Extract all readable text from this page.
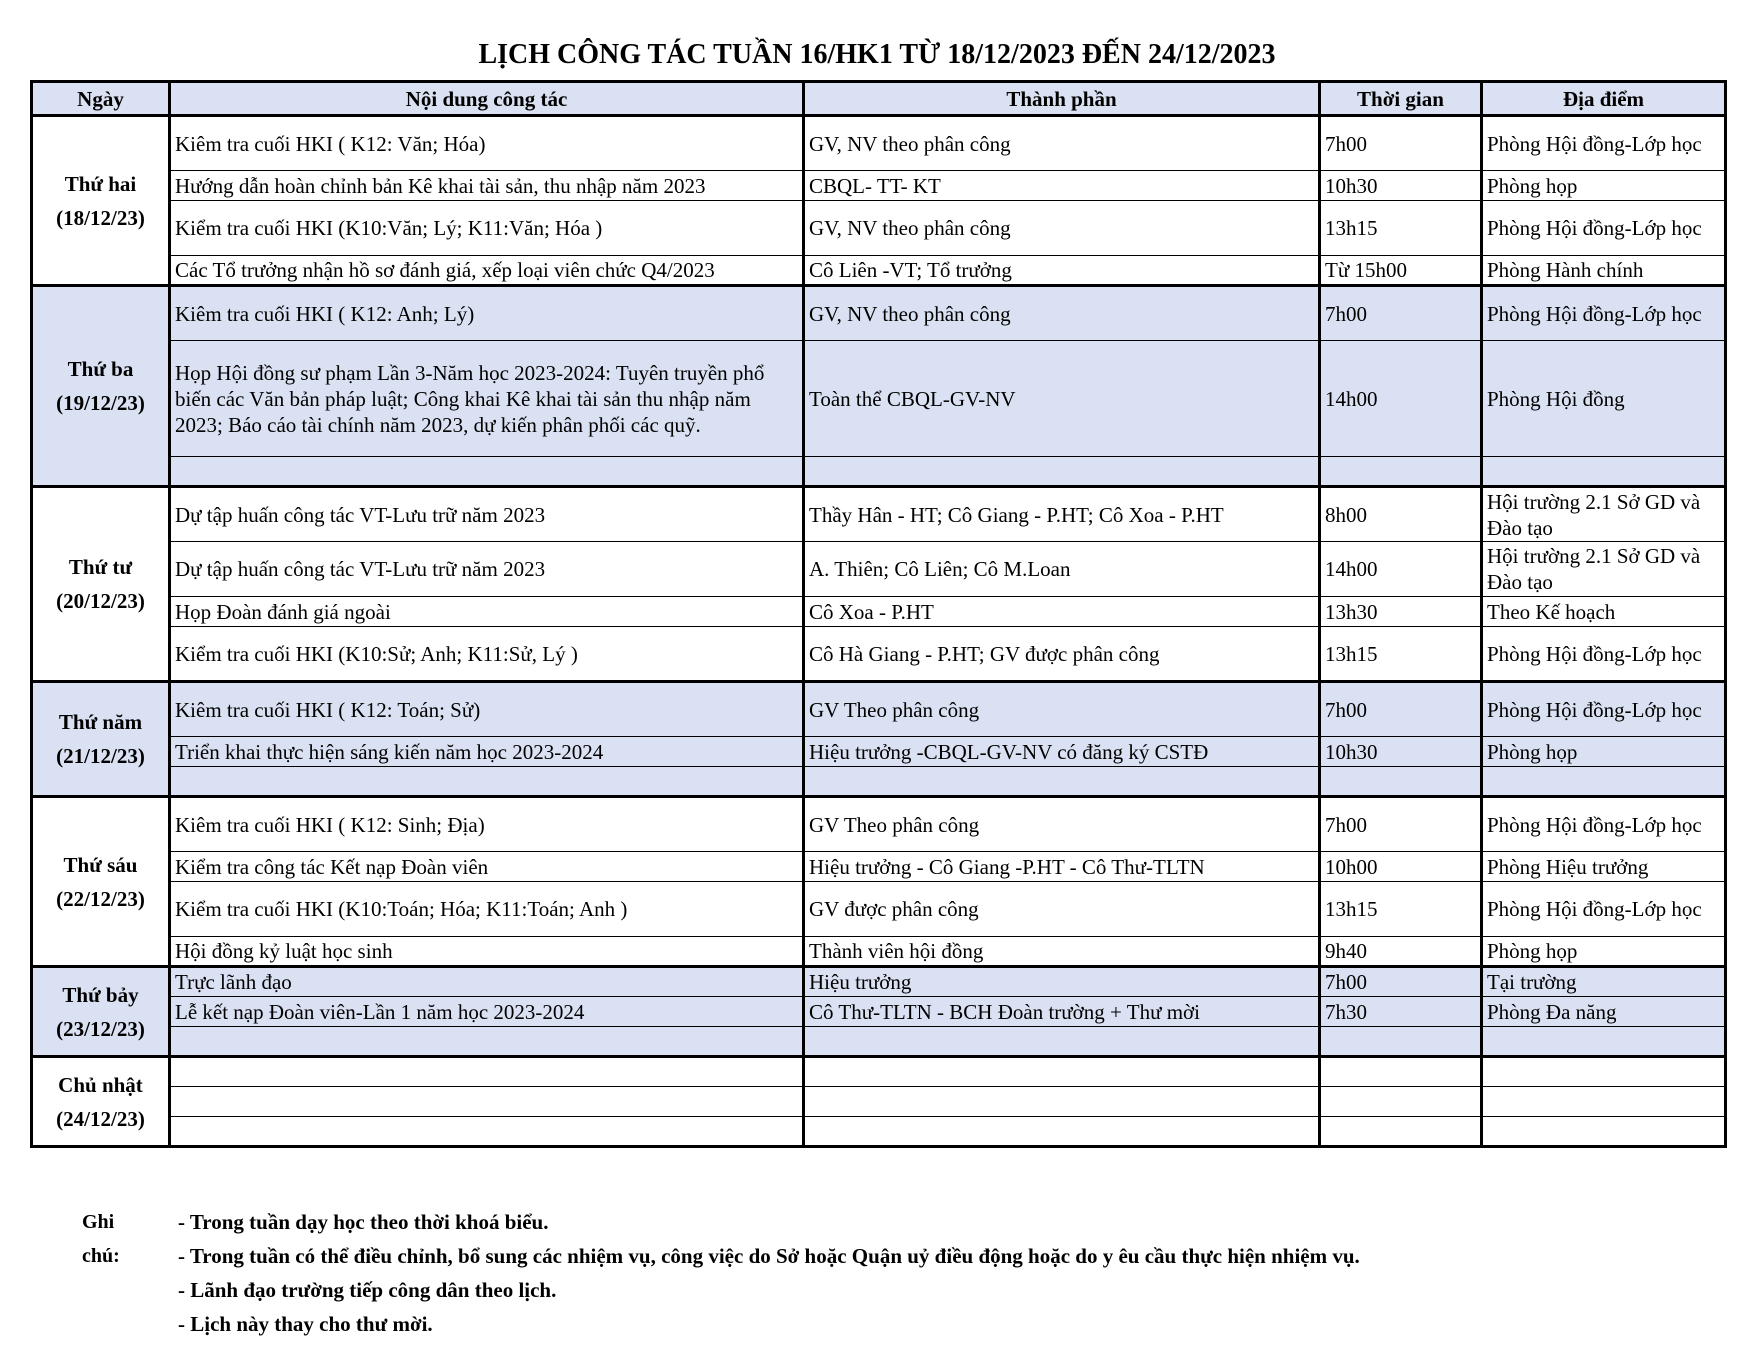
LỊCH CÔNG TÁC TUẦN 16/HK1 TỪ 18/12/2023 ĐẾN 24/12/2023
Ngày	Nội dung công tác	Thành phần	Thời gian	Địa điểm

Thứ hai
(18/12/23)	Kiêm tra cuối HKI ( K12: Văn; Hóa)	GV, NV theo phân công	7h00	Phòng Hội đồng-Lớp học
	Hướng dẫn hoàn chỉnh bản Kê khai tài sản, thu nhập năm 2023	CBQL- TT- KT	10h30	Phòng họp
	Kiểm tra cuối HKI (K10:Văn; Lý; K11:Văn; Hóa )	GV, NV theo phân công	13h15	Phòng Hội đồng-Lớp học
	Các Tổ trưởng nhận hồ sơ đánh giá, xếp loại viên chức Q4/2023	Cô Liên -VT; Tổ trưởng	Từ 15h00	Phòng Hành chính

Thứ ba
(19/12/23)	Kiêm tra cuối HKI ( K12: Anh; Lý)	GV, NV theo phân công	7h00	Phòng Hội đồng-Lớp học
	Họp Hội đồng sư phạm Lần 3-Năm học 2023-2024: Tuyên truyền phổ biến các Văn bản pháp luật; Công khai Kê khai tài sản thu nhập năm 2023; Báo cáo tài chính năm 2023, dự kiến phân phối các quỹ.	Toàn thể CBQL-GV-NV	14h00	Phòng Hội đồng

Thứ tư
(20/12/23)	Dự tập huấn công tác VT-Lưu trữ năm 2023	Thầy Hân - HT; Cô Giang - P.HT; Cô Xoa - P.HT	8h00	Hội trường 2.1 Sở GD và Đào tạo
	Dự tập huấn công tác VT-Lưu trữ năm 2023	A. Thiên; Cô Liên; Cô M.Loan	14h00	Hội trường 2.1 Sở GD và Đào tạo
	Họp Đoàn đánh giá ngoài	Cô Xoa - P.HT	13h30	Theo Kế hoạch
	Kiểm tra cuối HKI (K10:Sử; Anh; K11:Sử, Lý )	Cô Hà Giang - P.HT; GV được phân công	13h15	Phòng Hội đồng-Lớp học

Thứ năm
(21/12/23)	Kiêm tra cuối HKI ( K12: Toán; Sử)	GV Theo phân công	7h00	Phòng Hội đồng-Lớp học
	Triển khai thực hiện sáng kiến năm học 2023-2024	Hiệu trưởng -CBQL-GV-NV có đăng ký CSTĐ	10h30	Phòng họp

Thứ sáu
(22/12/23)	Kiêm tra cuối HKI ( K12: Sinh; Địa)	GV Theo phân công	7h00	Phòng Hội đồng-Lớp học
	Kiểm tra công tác Kết nạp Đoàn viên	Hiệu trưởng - Cô Giang -P.HT - Cô Thư-TLTN	10h00	Phòng Hiệu trưởng
	Kiểm tra cuối HKI (K10:Toán; Hóa; K11:Toán; Anh )	GV được phân công	13h15	Phòng Hội đồng-Lớp học
	Hội đồng kỷ luật học sinh	Thành viên hội đồng	9h40	Phòng họp

Thứ bảy
(23/12/23)	Trực lãnh đạo	Hiệu trưởng	7h00	Tại trường
	Lễ kết nạp Đoàn viên-Lần 1 năm học 2023-2024	Cô Thư-TLTN - BCH Đoàn trường + Thư mời	7h30	Phòng Đa năng

Chủ nhật
(24/12/23)				

Ghi chú:
- Trong tuần dạy học theo thời khoá biểu.
- Trong tuần có thể điều chỉnh, bổ sung các nhiệm vụ, công việc do Sở hoặc Quận uỷ điều động hoặc do y êu cầu thực hiện nhiệm vụ.
- Lãnh đạo trường tiếp công dân theo lịch.
- Lịch này thay cho thư mời.
